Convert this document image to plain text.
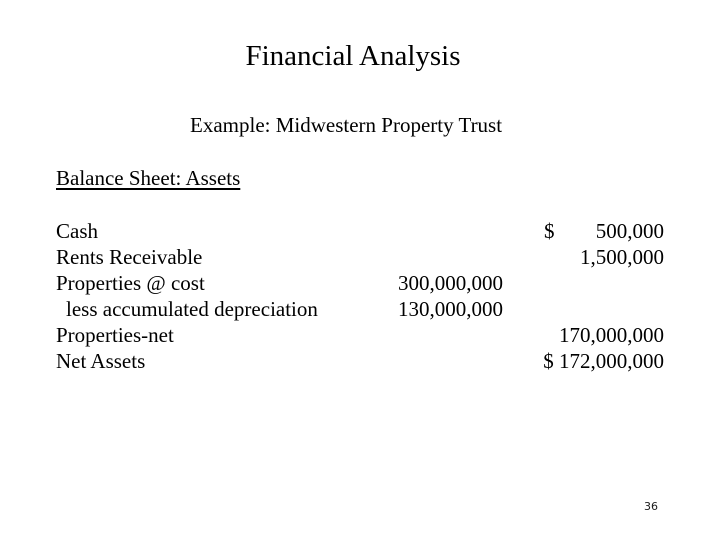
Financial Analysis
Example: Midwestern Property Trust
Balance Sheet: Assets
Cash	$ 500,000
Rents Receivable	1,500,000
Properties @ cost	300,000,000
less accumulated depreciation	130,000,000
Properties-net	170,000,000
Net Assets	$ 172,000,000
36
